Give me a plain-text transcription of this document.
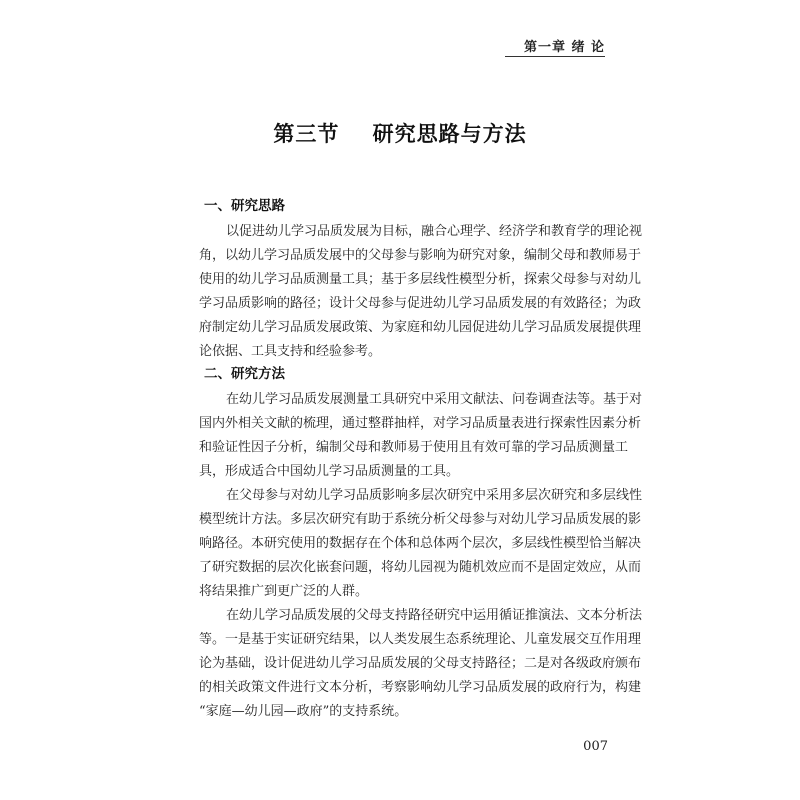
第一章 绪 论
第三节    研究思路与方法
一、研究思路
以促进幼儿学习品质发展为目标，融合心理学、经济学和教育学的理论视
角，以幼儿学习品质发展中的父母参与影响为研究对象，编制父母和教师易于
使用的幼儿学习品质测量工具；基于多层线性模型分析，探索父母参与对幼儿
学习品质影响的路径；设计父母参与促进幼儿学习品质发展的有效路径；为政
府制定幼儿学习品质发展政策、为家庭和幼儿园促进幼儿学习品质发展提供理
论依据、工具支持和经验参考。
二、研究方法
在幼儿学习品质发展测量工具研究中采用文献法、问卷调查法等。基于对
国内外相关文献的梳理，通过整群抽样，对学习品质量表进行探索性因素分析
和验证性因子分析，编制父母和教师易于使用且有效可靠的学习品质测量工
具，形成适合中国幼儿学习品质测量的工具。
在父母参与对幼儿学习品质影响多层次研究中采用多层次研究和多层线性
模型统计方法。多层次研究有助于系统分析父母参与对幼儿学习品质发展的影
响路径。本研究使用的数据存在个体和总体两个层次，多层线性模型恰当解决
了研究数据的层次化嵌套问题，将幼儿园视为随机效应而不是固定效应，从而
将结果推广到更广泛的人群。
在幼儿学习品质发展的父母支持路径研究中运用循证推演法、文本分析法
等。一是基于实证研究结果，以人类发展生态系统理论、儿童发展交互作用理
论为基础，设计促进幼儿学习品质发展的父母支持路径；二是对各级政府颁布
的相关政策文件进行文本分析，考察影响幼儿学习品质发展的政府行为，构建
“家庭—幼儿园—政府”的支持系统。
007
